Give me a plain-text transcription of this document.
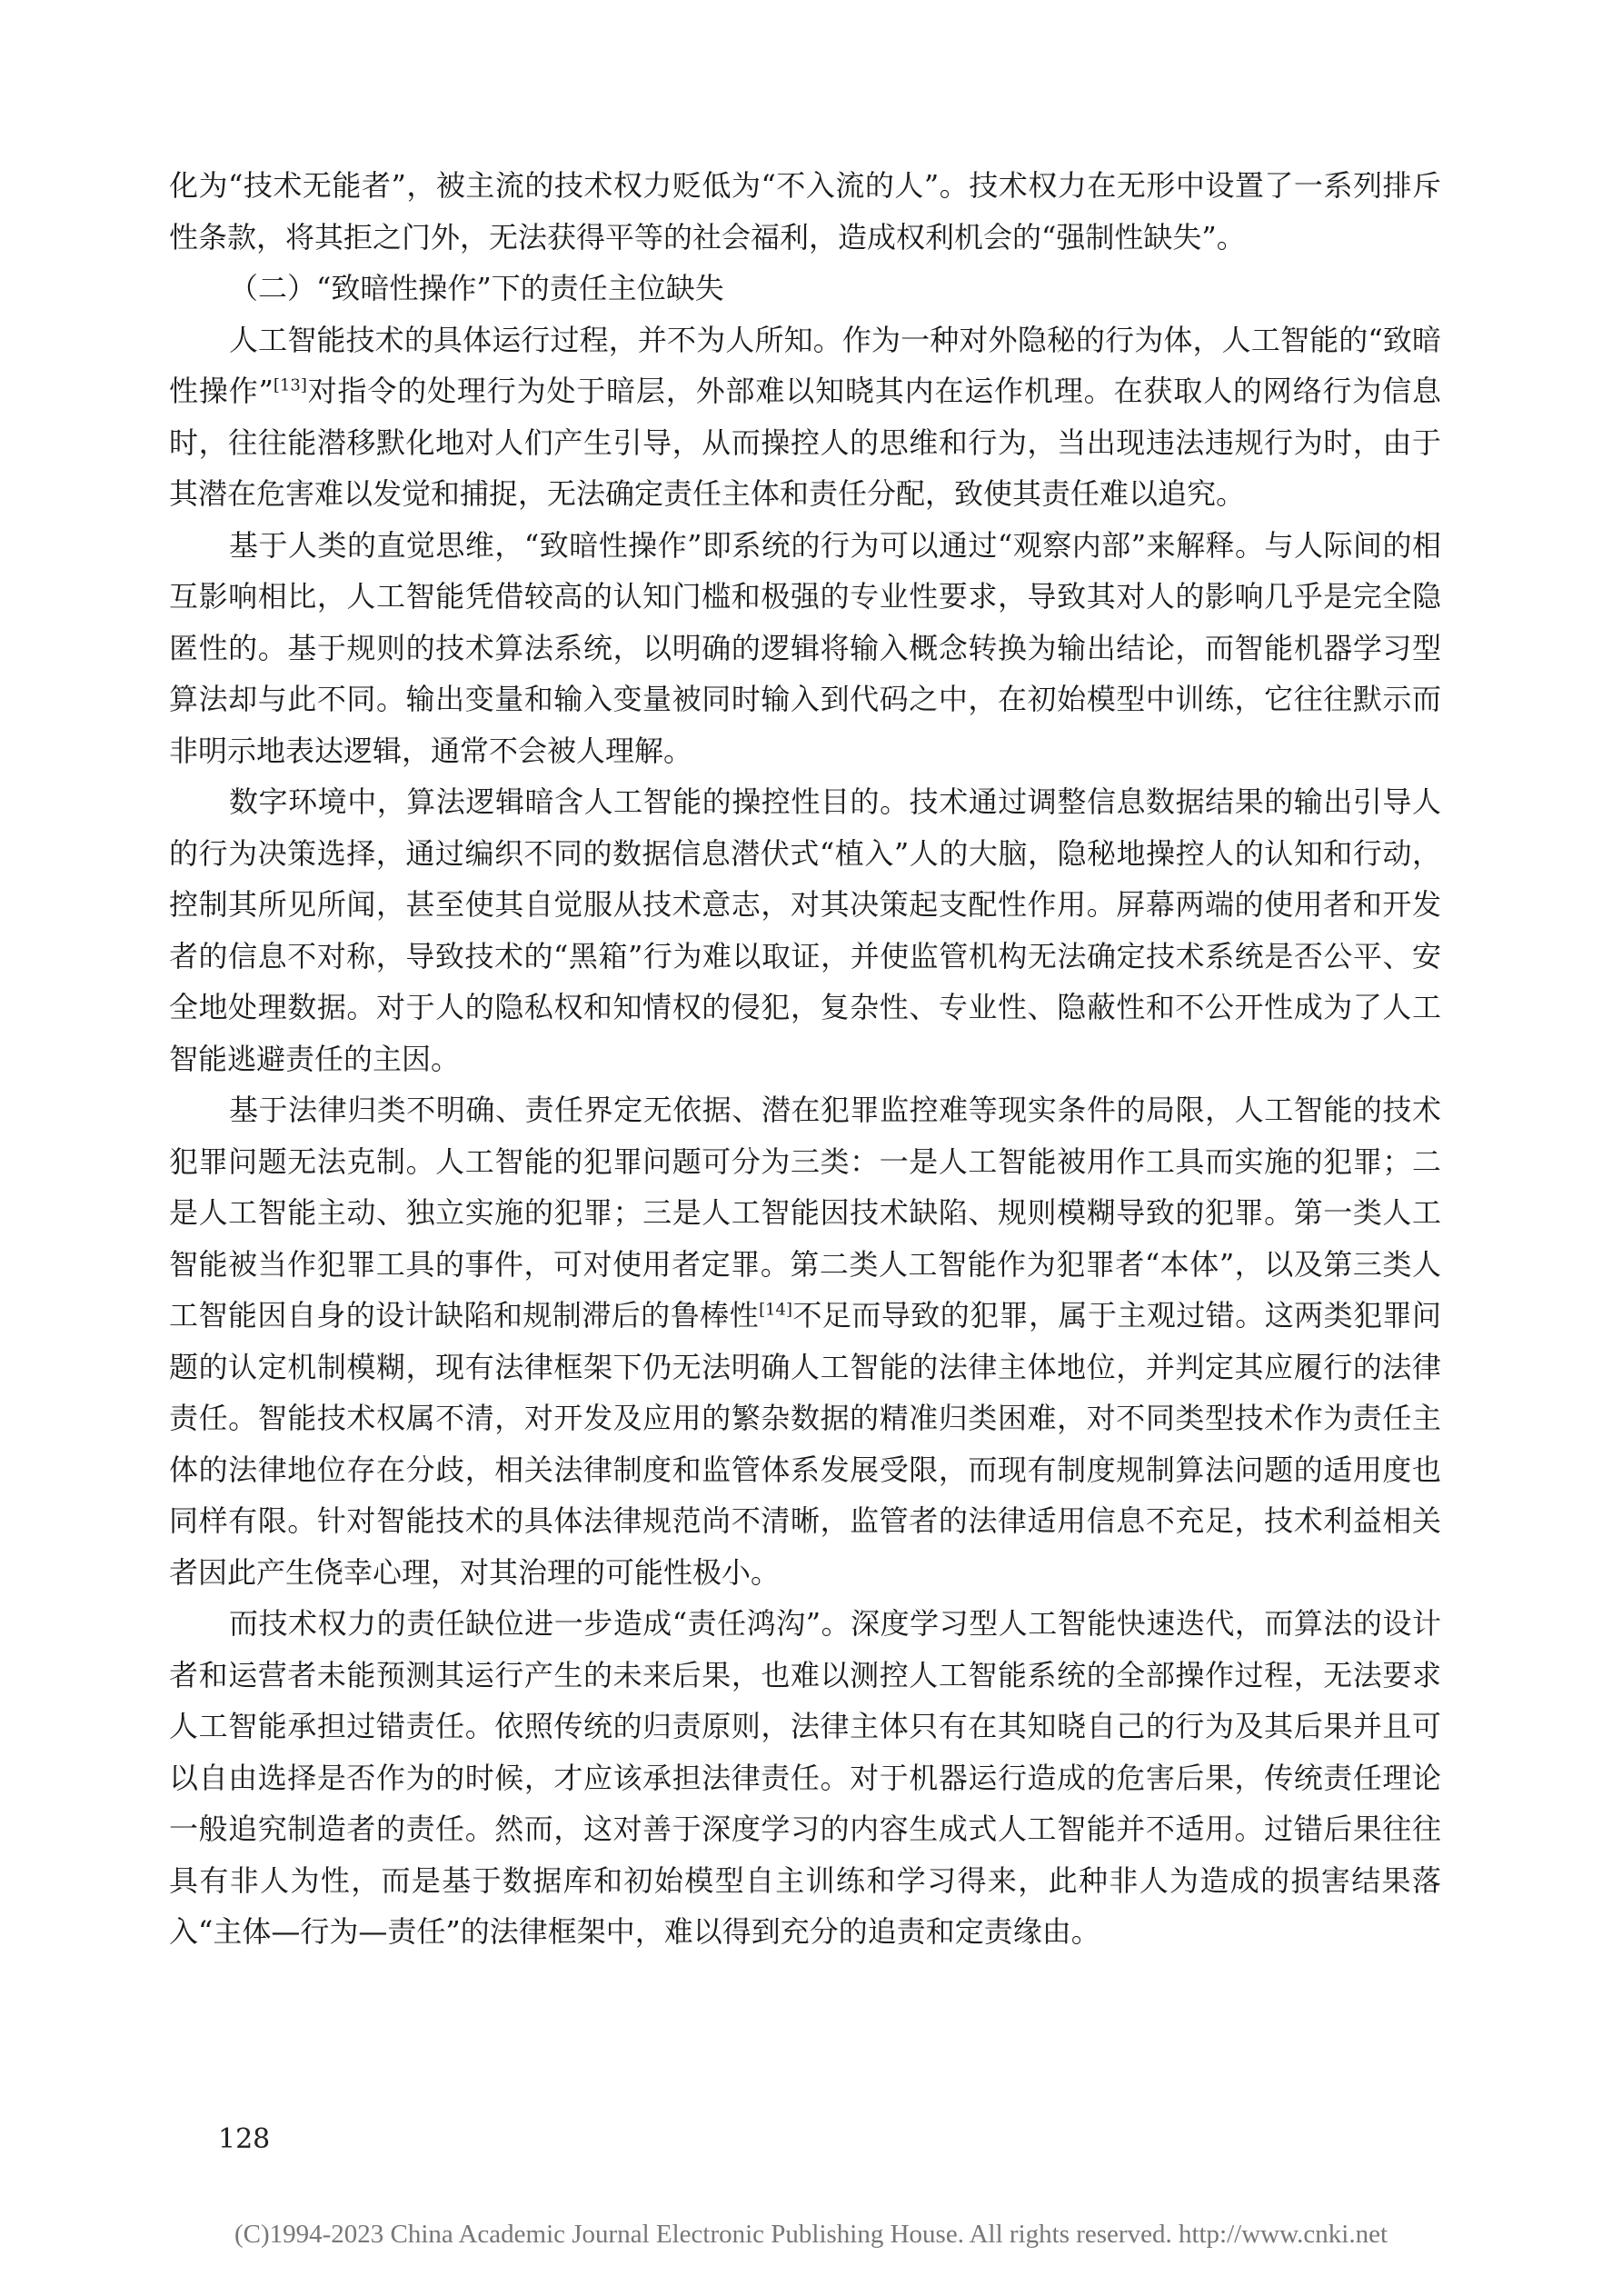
化为“技术无能者”，被主流的技术权力贬低为“不入流的人”。技术权力在无形中设置了一系列排斥性条款，将其拒之门外，无法获得平等的社会福利，造成权利机会的“强制性缺失”。

（二）“致暗性操作”下的责任主位缺失

人工智能技术的具体运行过程，并不为人所知。作为一种对外隐秘的行为体，人工智能的“致暗性操作”[13]对指令的处理行为处于暗层，外部难以知晓其内在运作机理。在获取人的网络行为信息时，往往能潜移默化地对人们产生引导，从而操控人的思维和行为，当出现违法违规行为时，由于其潜在危害难以发觉和捕捉，无法确定责任主体和责任分配，致使其责任难以追究。

基于人类的直觉思维，“致暗性操作”即系统的行为可以通过“观察内部”来解释。与人际间的相互影响相比，人工智能凭借较高的认知门槛和极强的专业性要求，导致其对人的影响几乎是完全隐匿性的。基于规则的技术算法系统，以明确的逻辑将输入概念转换为输出结论，而智能机器学习型算法却与此不同。输出变量和输入变量被同时输入到代码之中，在初始模型中训练，它往往默示而非明示地表达逻辑，通常不会被人理解。

数字环境中，算法逻辑暗含人工智能的操控性目的。技术通过调整信息数据结果的输出引导人的行为决策选择，通过编织不同的数据信息潜伏式“植入”人的大脑，隐秘地操控人的认知和行动，控制其所见所闻，甚至使其自觉服从技术意志，对其决策起支配性作用。屏幕两端的使用者和开发者的信息不对称，导致技术的“黑箱”行为难以取证，并使监管机构无法确定技术系统是否公平、安全地处理数据。对于人的隐私权和知情权的侵犯，复杂性、专业性、隐蔽性和不公开性成为了人工智能逃避责任的主因。

基于法律归类不明确、责任界定无依据、潜在犯罪监控难等现实条件的局限，人工智能的技术犯罪问题无法克制。人工智能的犯罪问题可分为三类：一是人工智能被用作工具而实施的犯罪；二是人工智能主动、独立实施的犯罪；三是人工智能因技术缺陷、规则模糊导致的犯罪。第一类人工智能被当作犯罪工具的事件，可对使用者定罪。第二类人工智能作为犯罪者“本体”，以及第三类人工智能因自身的设计缺陷和规制滞后的鲁棒性[14]不足而导致的犯罪，属于主观过错。这两类犯罪问题的认定机制模糊，现有法律框架下仍无法明确人工智能的法律主体地位，并判定其应履行的法律责任。智能技术权属不清，对开发及应用的繁杂数据的精准归类困难，对不同类型技术作为责任主体的法律地位存在分歧，相关法律制度和监管体系发展受限，而现有制度规制算法问题的适用度也同样有限。针对智能技术的具体法律规范尚不清晰，监管者的法律适用信息不充足，技术利益相关者因此产生侥幸心理，对其治理的可能性极小。

而技术权力的责任缺位进一步造成“责任鸿沟”。深度学习型人工智能快速迭代，而算法的设计者和运营者未能预测其运行产生的未来后果，也难以测控人工智能系统的全部操作过程，无法要求人工智能承担过错责任。依照传统的归责原则，法律主体只有在其知晓自己的行为及其后果并且可以自由选择是否作为的时候，才应该承担法律责任。对于机器运行造成的危害后果，传统责任理论一般追究制造者的责任。然而，这对善于深度学习的内容生成式人工智能并不适用。过错后果往往具有非人为性，而是基于数据库和初始模型自主训练和学习得来，此种非人为造成的损害结果落入“主体—行为—责任”的法律框架中，难以得到充分的追责和定责缘由。

128
(C)1994-2023 China Academic Journal Electronic Publishing House. All rights reserved. http://www.cnki.net
